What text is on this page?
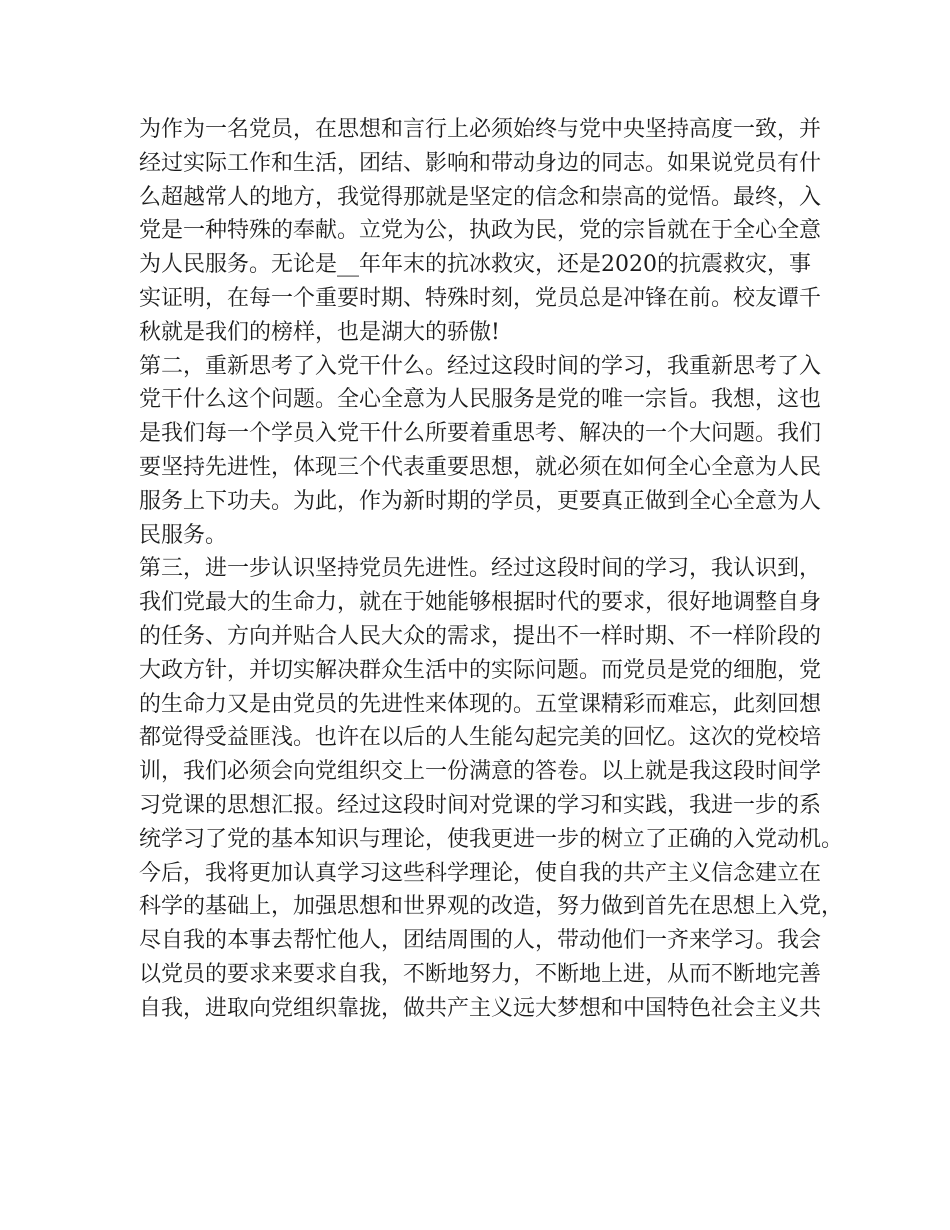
为作为一名党员，在思想和言行上必须始终与党中央坚持高度一致，并
经过实际工作和生活，团结、影响和带动身边的同志。如果说党员有什
么超越常人的地方，我觉得那就是坚定的信念和崇高的觉悟。最终，入
党是一种特殊的奉献。立党为公，执政为民，党的宗旨就在于全心全意
为人民服务。无论是__年年末的抗冰救灾，还是2020的抗震救灾，事
实证明，在每一个重要时期、特殊时刻，党员总是冲锋在前。校友谭千
秋就是我们的榜样，也是湖大的骄傲!
第二，重新思考了入党干什么。经过这段时间的学习，我重新思考了入
党干什么这个问题。全心全意为人民服务是党的唯一宗旨。我想，这也
是我们每一个学员入党干什么所要着重思考、解决的一个大问题。我们
要坚持先进性，体现三个代表重要思想，就必须在如何全心全意为人民
服务上下功夫。为此，作为新时期的学员，更要真正做到全心全意为人
民服务。
第三，进一步认识坚持党员先进性。经过这段时间的学习，我认识到，
我们党最大的生命力，就在于她能够根据时代的要求，很好地调整自身
的任务、方向并贴合人民大众的需求，提出不一样时期、不一样阶段的
大政方针，并切实解决群众生活中的实际问题。而党员是党的细胞，党
的生命力又是由党员的先进性来体现的。五堂课精彩而难忘，此刻回想
都觉得受益匪浅。也许在以后的人生能勾起完美的回忆。这次的党校培
训，我们必须会向党组织交上一份满意的答卷。以上就是我这段时间学
习党课的思想汇报。经过这段时间对党课的学习和实践，我进一步的系
统学习了党的基本知识与理论，使我更进一步的树立了正确的入党动机。
今后，我将更加认真学习这些科学理论，使自我的共产主义信念建立在
科学的基础上，加强思想和世界观的改造，努力做到首先在思想上入党，
尽自我的本事去帮忙他人，团结周围的人，带动他们一齐来学习。我会
以党员的要求来要求自我，不断地努力，不断地上进，从而不断地完善
自我，进取向党组织靠拢，做共产主义远大梦想和中国特色社会主义共
